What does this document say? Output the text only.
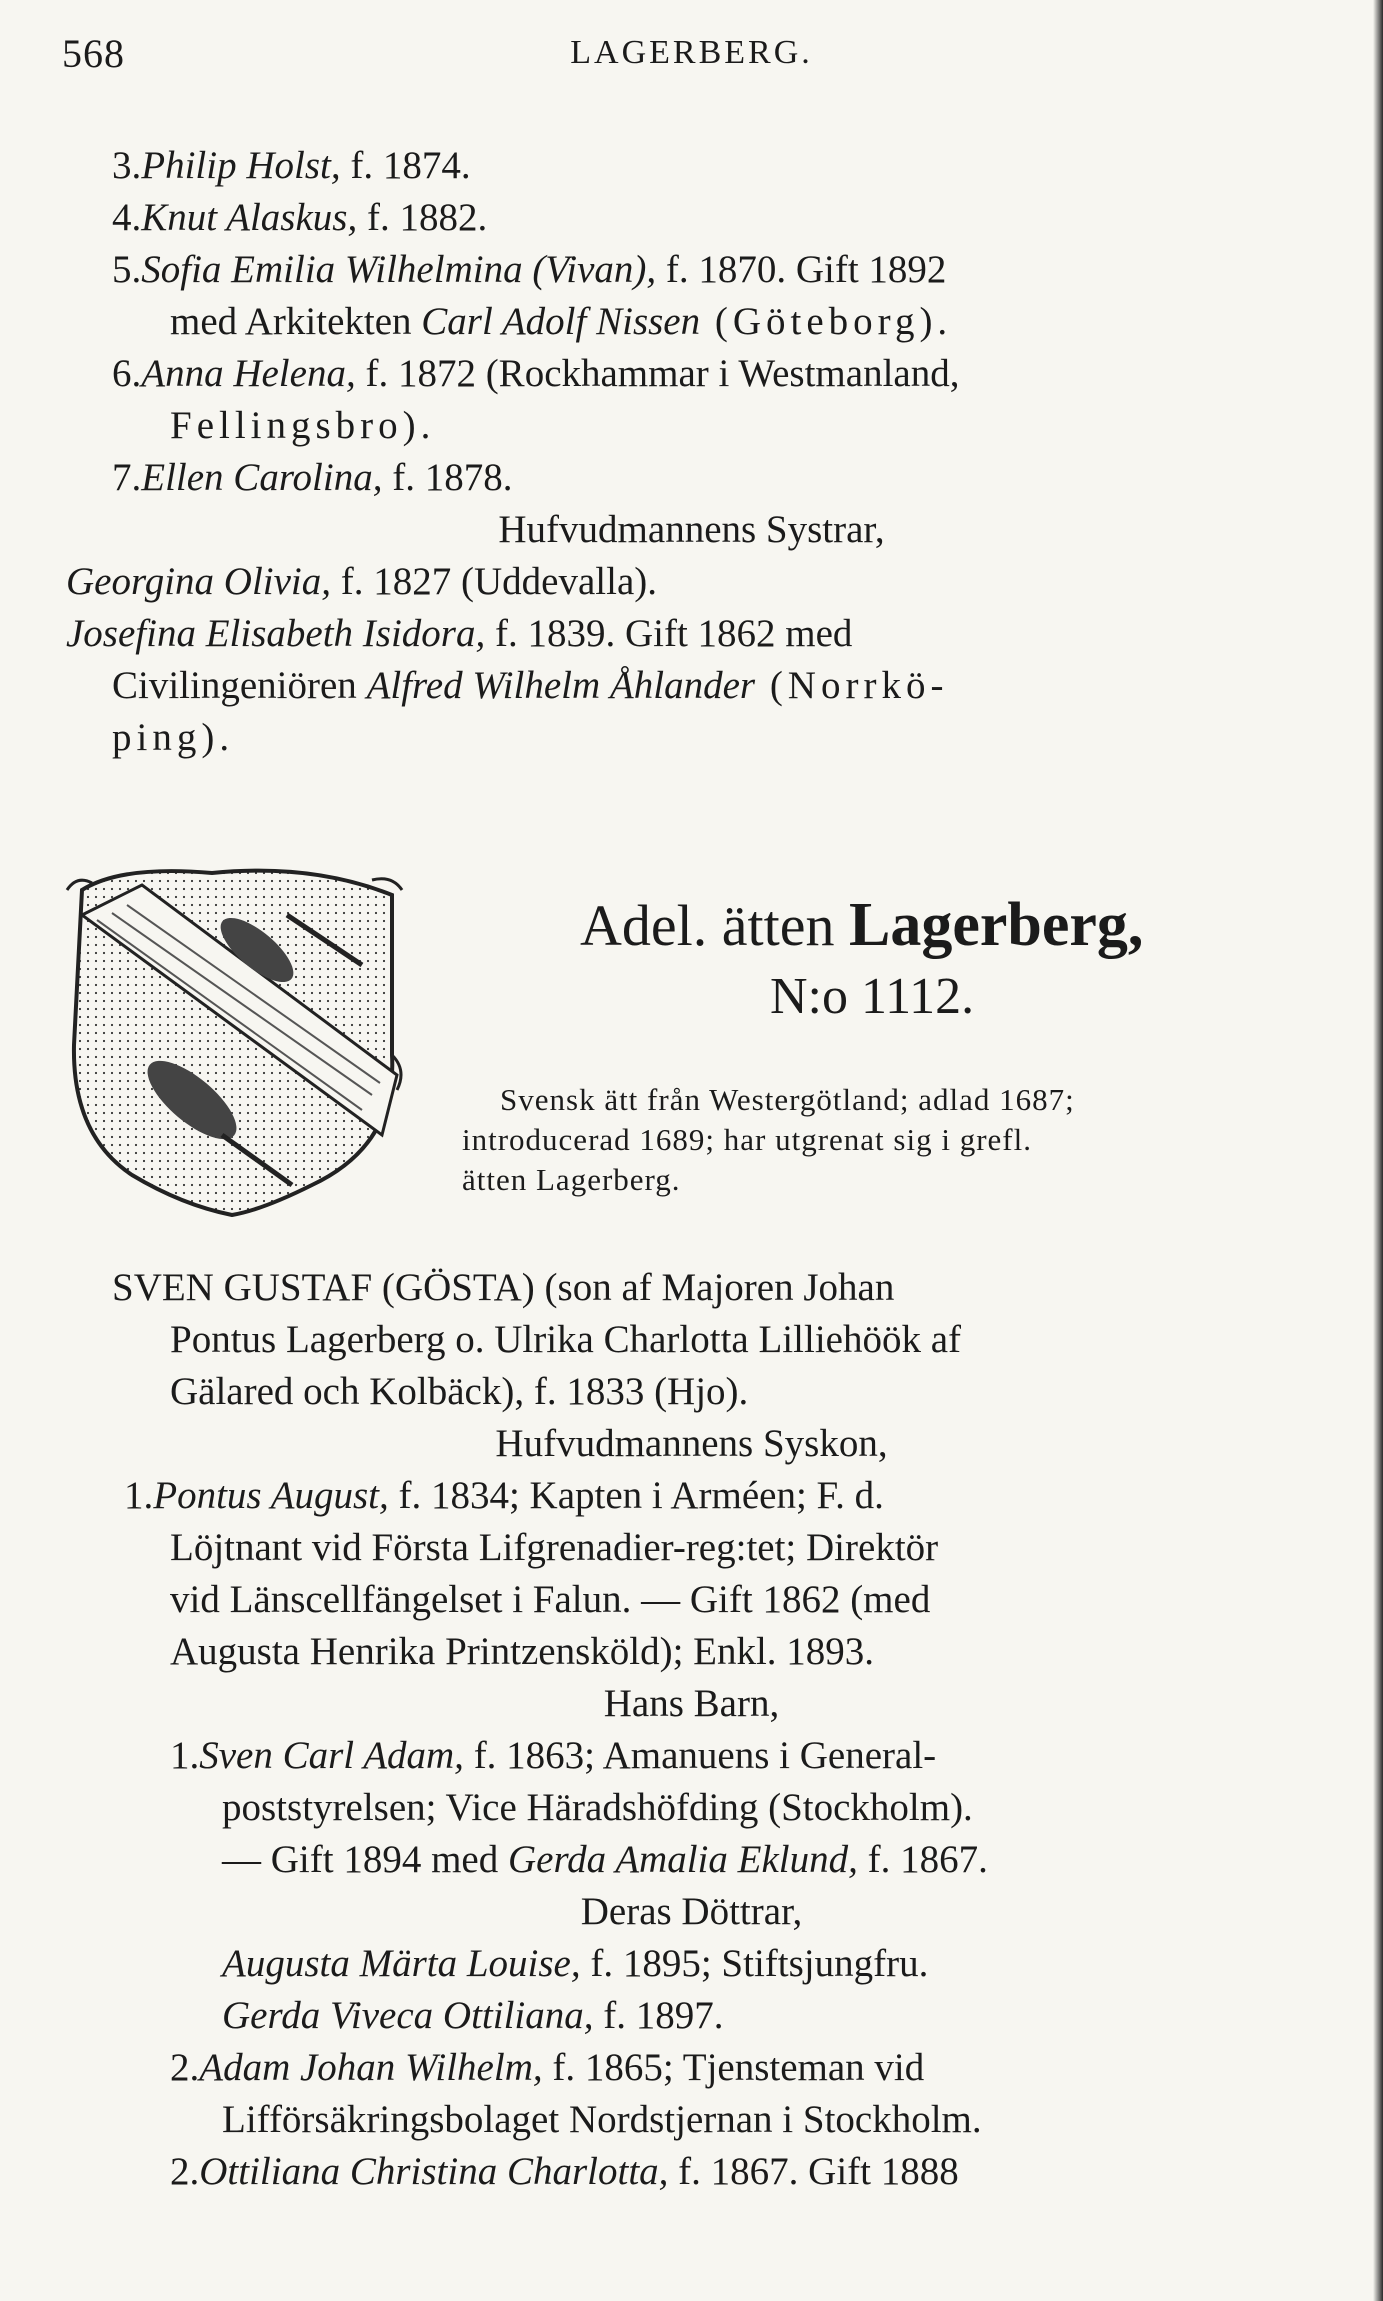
568	LAGERBERG.
3.Philip Holst, f. 1874.
4.Knut Alaskus, f. 1882.
5.Sofia Emilia Wilhelmina (Vivan), f. 1870. Gift 1892
med Arkitekten Carl Adolf Nissen (Göteborg).
6.Anna Helena, f. 1872 (Rockhammar i Westmanland,
Fellingsbro).
7.Ellen Carolina, f. 1878.
Hufvudmannens Systrar,
Georgina Olivia, f. 1827 (Uddevalla).
Josefina Elisabeth Isidora, f. 1839. Gift 1862 med
Civilingeniören Alfred Wilhelm Åhlander (Norrkö-
ping).
Adel. ätten Lagerberg,
N:o 1112.
Svensk ätt från Westergötland; adlad 1687;
introducerad 1689; har utgrenat sig i grefl.
ätten Lagerberg.
SVEN GUSTAF (GÖSTA) (son af Majoren Johan
Pontus Lagerberg o. Ulrika Charlotta Lilliehöök af
Gälared och Kolbäck), f. 1833 (Hjo).
Hufvudmannens Syskon,
1.Pontus August, f. 1834; Kapten i Arméen; F. d.
Löjtnant vid Första Lifgrenadier-reg:tet; Direktör
vid Länscellfängelset i Falun. — Gift 1862 (med
Augusta Henrika Printzensköld); Enkl. 1893.
Hans Barn,
1.Sven Carl Adam, f. 1863; Amanuens i General-
poststyrelsen; Vice Häradshöfding (Stockholm).
— Gift 1894 med Gerda Amalia Eklund, f. 1867.
Deras Döttrar,
Augusta Märta Louise, f. 1895; Stiftsjungfru.
Gerda Viveca Ottiliana, f. 1897.
2.Adam Johan Wilhelm, f. 1865; Tjensteman vid
Lifförsäkringsbolaget Nordstjernan i Stockholm.
2.Ottiliana Christina Charlotta, f. 1867. Gift 1888
